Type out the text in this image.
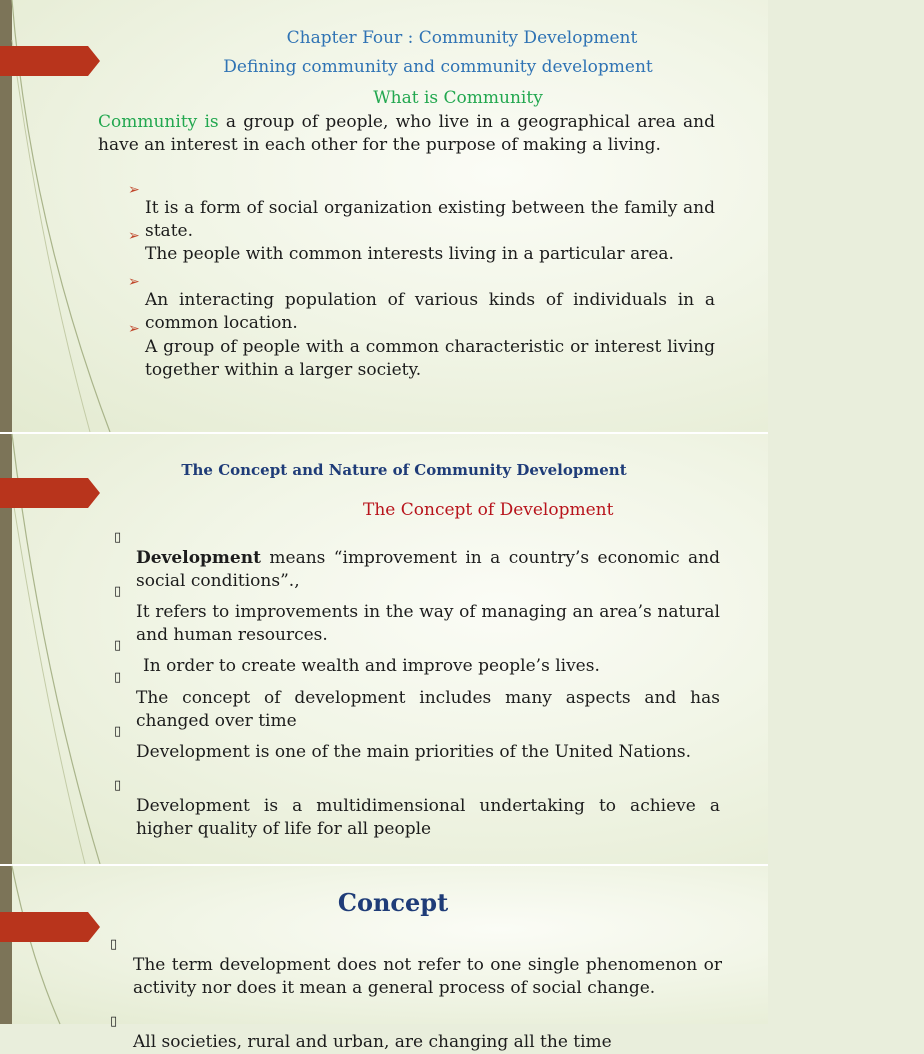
Chapter Four : Community Development

Defining community and community development

What is Community

Community is a group of people, who live in a geographical area and have an interest in each other for the purpose of making a living.

➢

It is a form of social organization existing between the family and state.

➢

The people with common interests living in a particular area.

➢

An interacting population of various kinds of individuals in a common location.

➢

A group of people with a common characteristic or interest living together within a larger society.

The Concept and Nature of Community Development

The Concept of Development

▯

Development means “improvement in a country’s economic and social conditions”.,

▯

It refers to improvements in the way of managing an area’s natural and human resources.

▯

In order to create wealth and improve people’s lives.

▯

The concept of development includes many aspects and has changed over time

▯

Development is one of the main priorities of the United Nations.

▯

Development is a multidimensional undertaking to achieve a higher quality of life for all people

Concept

▯

The term development does not refer to one single phenomenon or activity nor does it mean a general process of social change.

▯

All societies, rural and urban, are changing all the time
